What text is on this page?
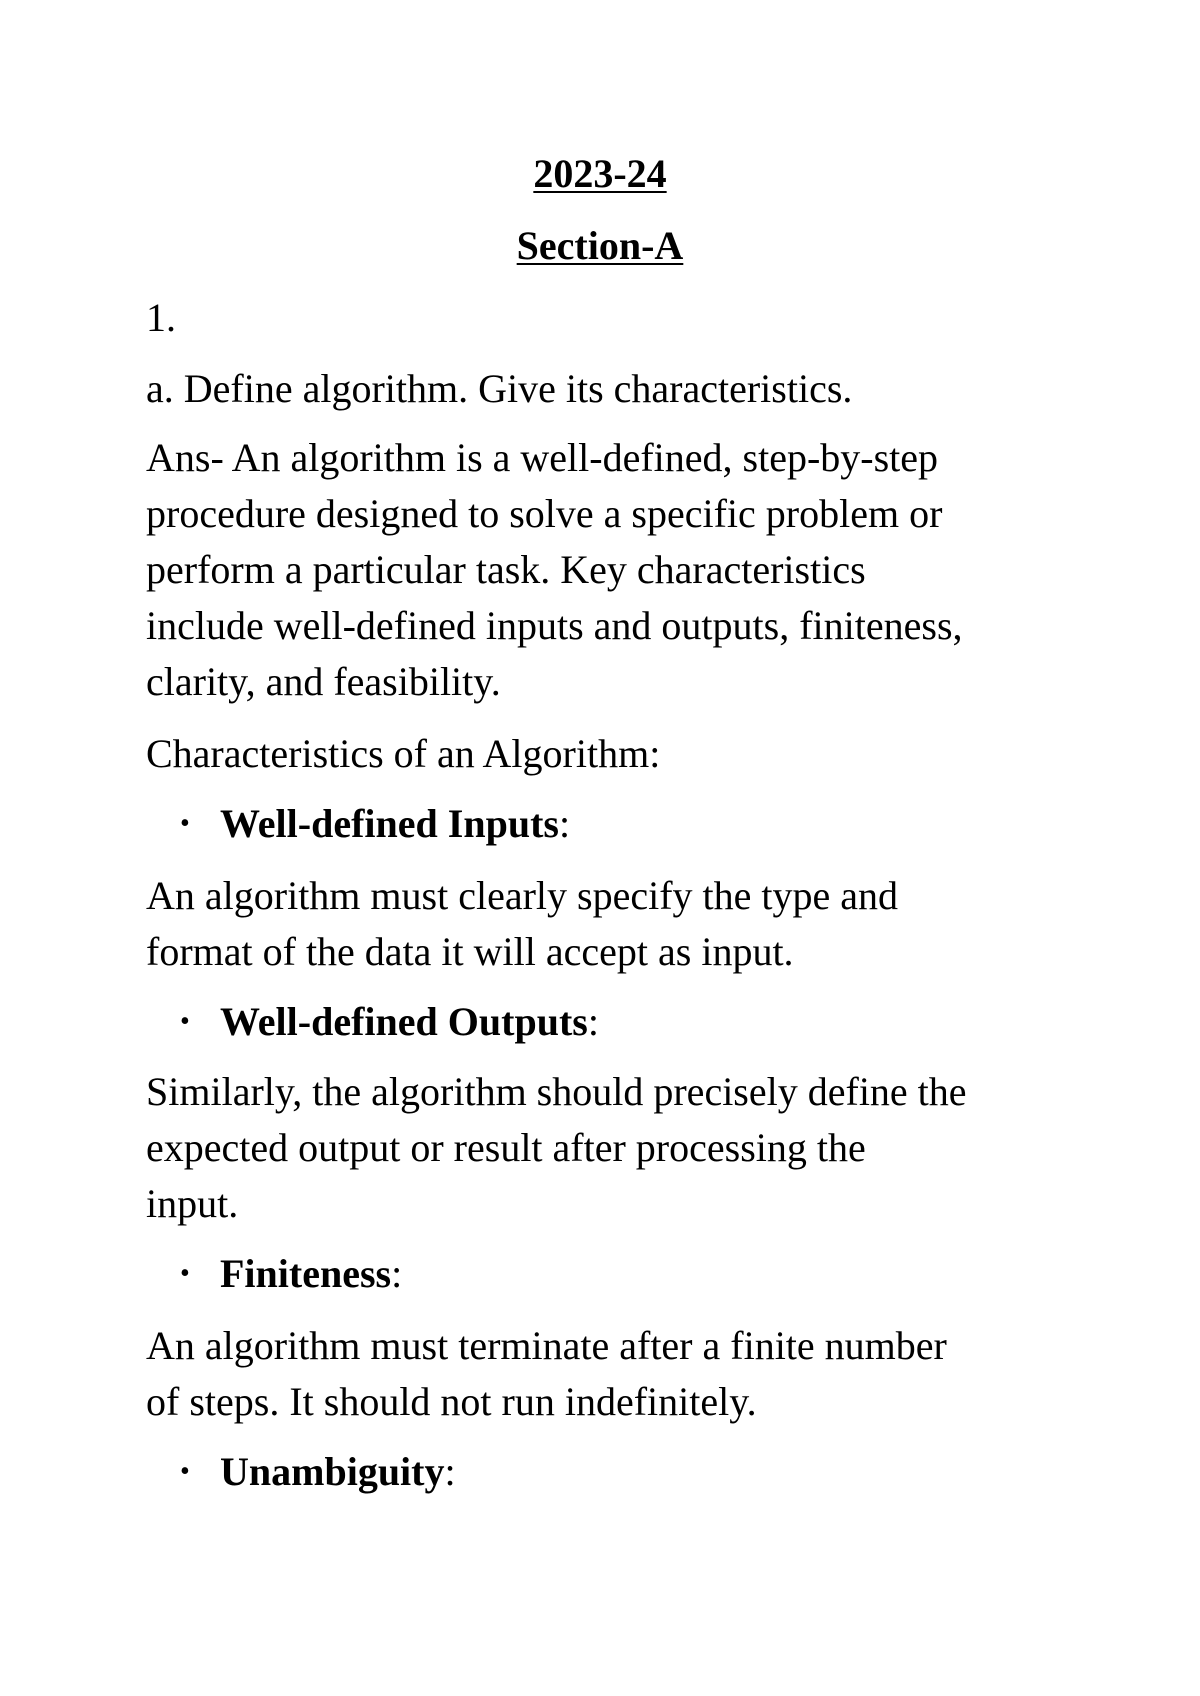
2023-24
Section-A
1.
a. Define algorithm. Give its characteristics.
Ans- An algorithm is a well-defined, step-by-step
procedure designed to solve a specific problem or
perform a particular task. Key characteristics
include well-defined inputs and outputs, finiteness,
clarity, and feasibility.
Characteristics of an Algorithm:
• Well-defined Inputs:
An algorithm must clearly specify the type and
format of the data it will accept as input.
• Well-defined Outputs:
Similarly, the algorithm should precisely define the
expected output or result after processing the
input.
• Finiteness:
An algorithm must terminate after a finite number
of steps. It should not run indefinitely.
• Unambiguity:
